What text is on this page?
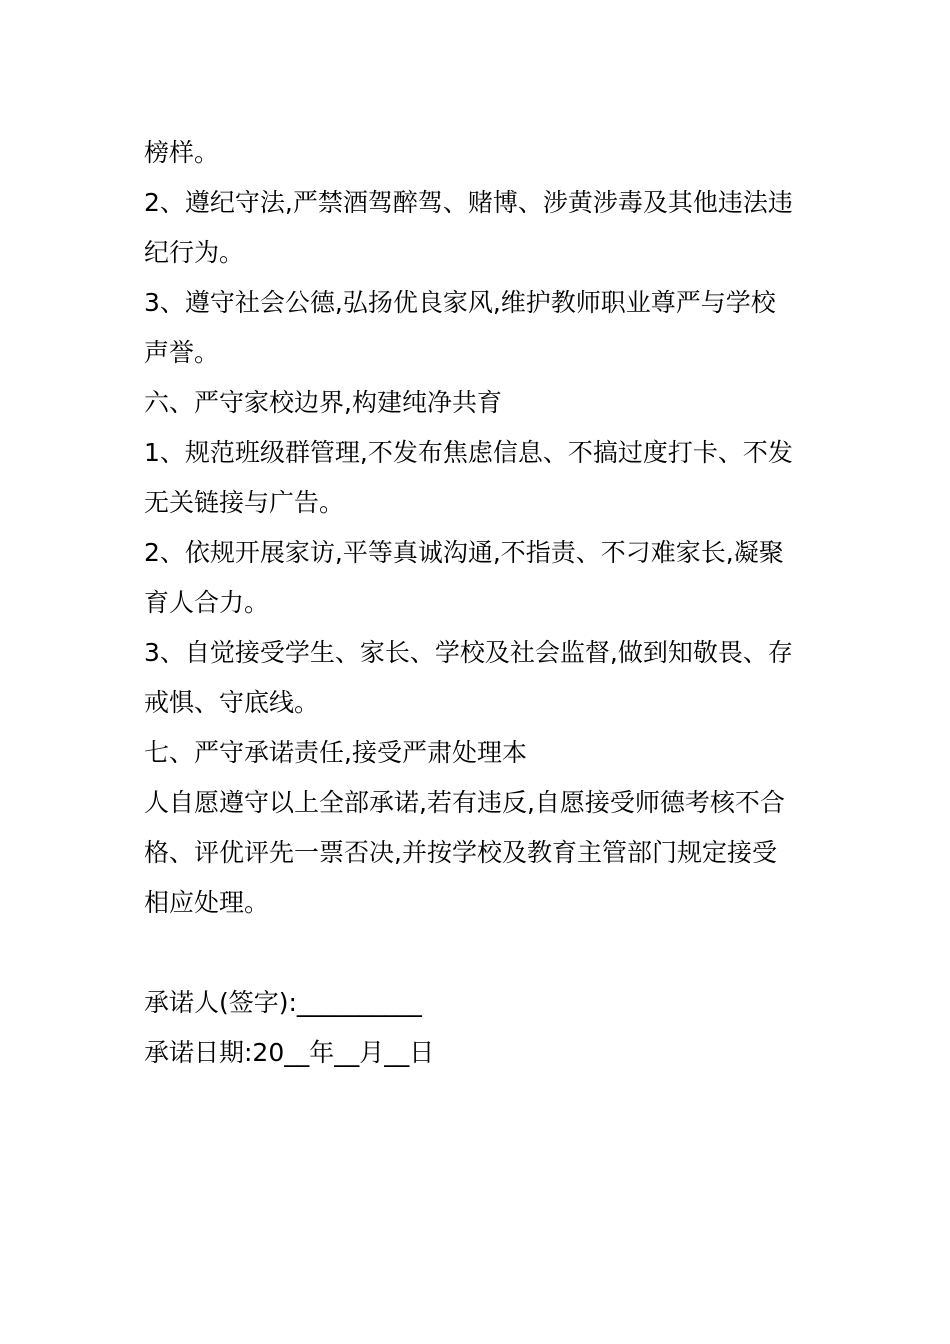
榜样。
2、遵纪守法,严禁酒驾醉驾、赌博、涉黄涉毒及其他违法违
纪行为。
3、遵守社会公德,弘扬优良家风,维护教师职业尊严与学校
声誉。
六、严守家校边界,构建纯净共育
1、规范班级群管理,不发布焦虑信息、不搞过度打卡、不发
无关链接与广告。
2、依规开展家访,平等真诚沟通,不指责、不刁难家长,凝聚
育人合力。
3、自觉接受学生、家长、学校及社会监督,做到知敬畏、存
戒惧、守底线。
七、严守承诺责任,接受严肃处理本
人自愿遵守以上全部承诺,若有违反,自愿接受师德考核不合
格、评优评先一票否决,并按学校及教育主管部门规定接受
相应处理。
承诺人(签字):__________
承诺日期:20__年__月__日
